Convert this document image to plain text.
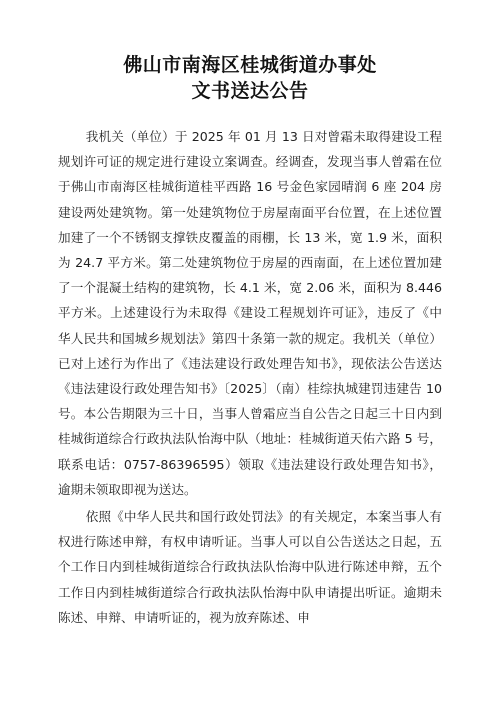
佛山市南海区桂城街道办事处
文书送达公告

我机关（单位）于 2025 年 01 月 13 日对曾霜未取得建设工程规划许可证的规定进行建设立案调查。经调查，发现当事人曾霜在位于佛山市南海区桂城街道桂平西路 16 号金色家园晴润 6 座 204 房建设两处建筑物。第一处建筑物位于房屋南面平台位置，在上述位置加建了一个不锈钢支撑铁皮覆盖的雨棚，长 13 米，宽 1.9 米，面积为 24.7 平方米。第二处建筑物位于房屋的西南面，在上述位置加建了一个混凝土结构的建筑物，长 4.1 米，宽 2.06 米，面积为 8.446 平方米。上述建设行为未取得《建设工程规划许可证》，违反了《中华人民共和国城乡规划法》第四十条第一款的规定。我机关（单位）已对上述行为作出了《违法建设行政处理告知书》，现依法公告送达《违法建设行政处理告知书》〔2025〕（南）桂综执城建罚违建告 10 号。本公告期限为三十日，当事人曾霜应当自公告之日起三十日内到桂城街道综合行政执法队怡海中队（地址：桂城街道天佑六路 5 号，联系电话：0757-86396595）领取《违法建设行政处理告知书》，逾期未领取即视为送达。

依照《中华人民共和国行政处罚法》的有关规定，本案当事人有权进行陈述申辩，有权申请听证。当事人可以自公告送达之日起，五个工作日内到桂城街道综合行政执法队怡海中队进行陈述申辩，五个工作日内到桂城街道综合行政执法队怡海中队申请提出听证。逾期未陈述、申辩、申请听证的，视为放弃陈述、申
